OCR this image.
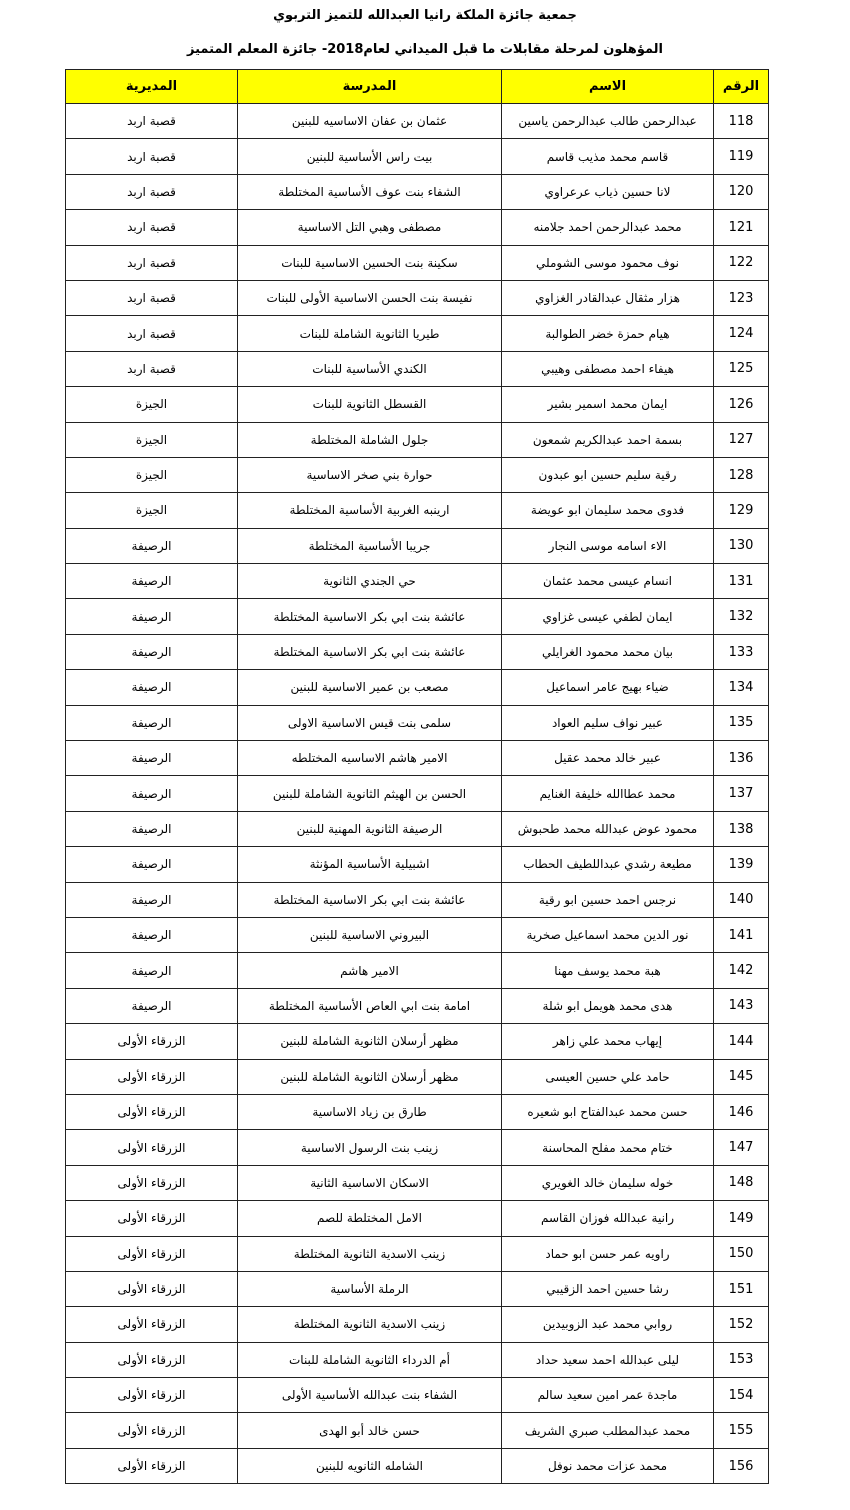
جمعية جائزة الملكة رانيا العبدالله للتميز التربوي
المؤهلون لمرحلة مقابلات ما قبل الميداني لعام2018- جائزة المعلم المتميز
الرقم	الاسم	المدرسة	المديرية
118	عبدالرحمن طالب عبدالرحمن ياسين	عثمان بن عفان الاساسيه للبنين	قصبة اربد
119	قاسم محمد مذيب قاسم	بيت راس الأساسية للبنين	قصبة اربد
120	لانا حسين ذياب عرعراوي	الشفاء بنت عوف الأساسية المختلطة	قصبة اربد
121	محمد عبدالرحمن احمد جلامنه	مصطفى وهبي التل الاساسية	قصبة اربد
122	نوف محمود موسى الشوملي	سكينة بنت الحسين الاساسية للبنات	قصبة اربد
123	هزار مثقال عبدالقادر الغزاوي	نفيسة بنت الحسن الاساسية الأولى للبنات	قصبة اربد
124	هيام حمزة خضر الطوالبة	طيريا الثانوية الشاملة للبنات	قصبة اربد
125	هيفاء احمد مصطفى وهيبي	الكندي الأساسية للبنات	قصبة اربد
126	ايمان محمد اسمير بشير	القسطل الثانوية للبنات	الجيزة
127	بسمة احمد عبدالكريم شمعون	جلول الشاملة المختلطة	الجيزة
128	رقية سليم حسين ابو عبدون	حوارة بني صخر الاساسية	الجيزة
129	فدوى محمد سليمان ابو عويضة	ارينبه الغربية الأساسية المختلطة	الجيزة
130	الاء اسامه موسى النجار	جريبا الأساسية المختلطة	الرصيفة
131	انسام عيسى محمد عثمان	حي الجندي الثانوية	الرصيفة
132	ايمان لطفي عيسى غزاوي	عائشة بنت ابي بكر الاساسية المختلطة	الرصيفة
133	بيان محمد محمود الغرايلي	عائشة بنت ابي بكر الاساسية المختلطة	الرصيفة
134	ضياء بهيج عامر اسماعيل	مصعب بن عمير الاساسية للبنين	الرصيفة
135	عبير نواف سليم العواد	سلمى بنت قيس الاساسية الاولى	الرصيفة
136	عبير خالد محمد عقيل	الامير هاشم الاساسيه المختلطه	الرصيفة
137	محمد عطاالله خليفة الغنايم	الحسن بن الهيثم الثانوية الشاملة للبنين	الرصيفة
138	محمود عوض عبدالله محمد طحبوش	الرصيفة الثانوية المهنية للبنين	الرصيفة
139	مطيعة رشدي عبداللطيف الحطاب	اشبيلية الأساسية المؤنثة	الرصيفة
140	نرجس احمد حسين ابو رقية	عائشة بنت ابي بكر الاساسية المختلطة	الرصيفة
141	نور الدين محمد اسماعيل صخرية	البيروني الاساسية للبنين	الرصيفة
142	هبة محمد يوسف مهنا	الامير هاشم	الرصيفة
143	هدى محمد هويمل ابو شلة	امامة بنت ابي العاص الأساسية المختلطة	الرصيفة
144	إيهاب محمد علي زاهر	مظهر أرسلان الثانوية الشاملة للبنين	الزرقاء الأولى
145	حامد علي حسين العيسى	مظهر أرسلان الثانوية الشاملة للبنين	الزرقاء الأولى
146	حسن محمد عبدالفتاح ابو شعيره	طارق بن زياد الاساسية	الزرقاء الأولى
147	ختام محمد مفلح المحاسنة	زينب بنت الرسول الاساسية	الزرقاء الأولى
148	خوله سليمان خالد الغويري	الاسكان الاساسية الثانية	الزرقاء الأولى
149	رانية عبدالله فوزان القاسم	الامل المختلطة للصم	الزرقاء الأولى
150	راويه عمر حسن ابو حماد	زينب الاسدية الثانوية المختلطة	الزرقاء الأولى
151	رشا حسين احمد الزقيبي	الرملة الأساسية	الزرقاء الأولى
152	روابي محمد عبد الزوبيدين	زينب الاسدية الثانوية المختلطة	الزرقاء الأولى
153	ليلى عبدالله احمد سعيد حداد	أم الدرداء الثانوية الشاملة للبنات	الزرقاء الأولى
154	ماجدة عمر امين سعيد سالم	الشفاء بنت عبدالله الأساسية الأولى	الزرقاء الأولى
155	محمد عبدالمطلب صبري الشريف	حسن خالد أبو الهدى	الزرقاء الأولى
156	محمد عزات محمد نوفل	الشامله الثانويه للبنين	الزرقاء الأولى
